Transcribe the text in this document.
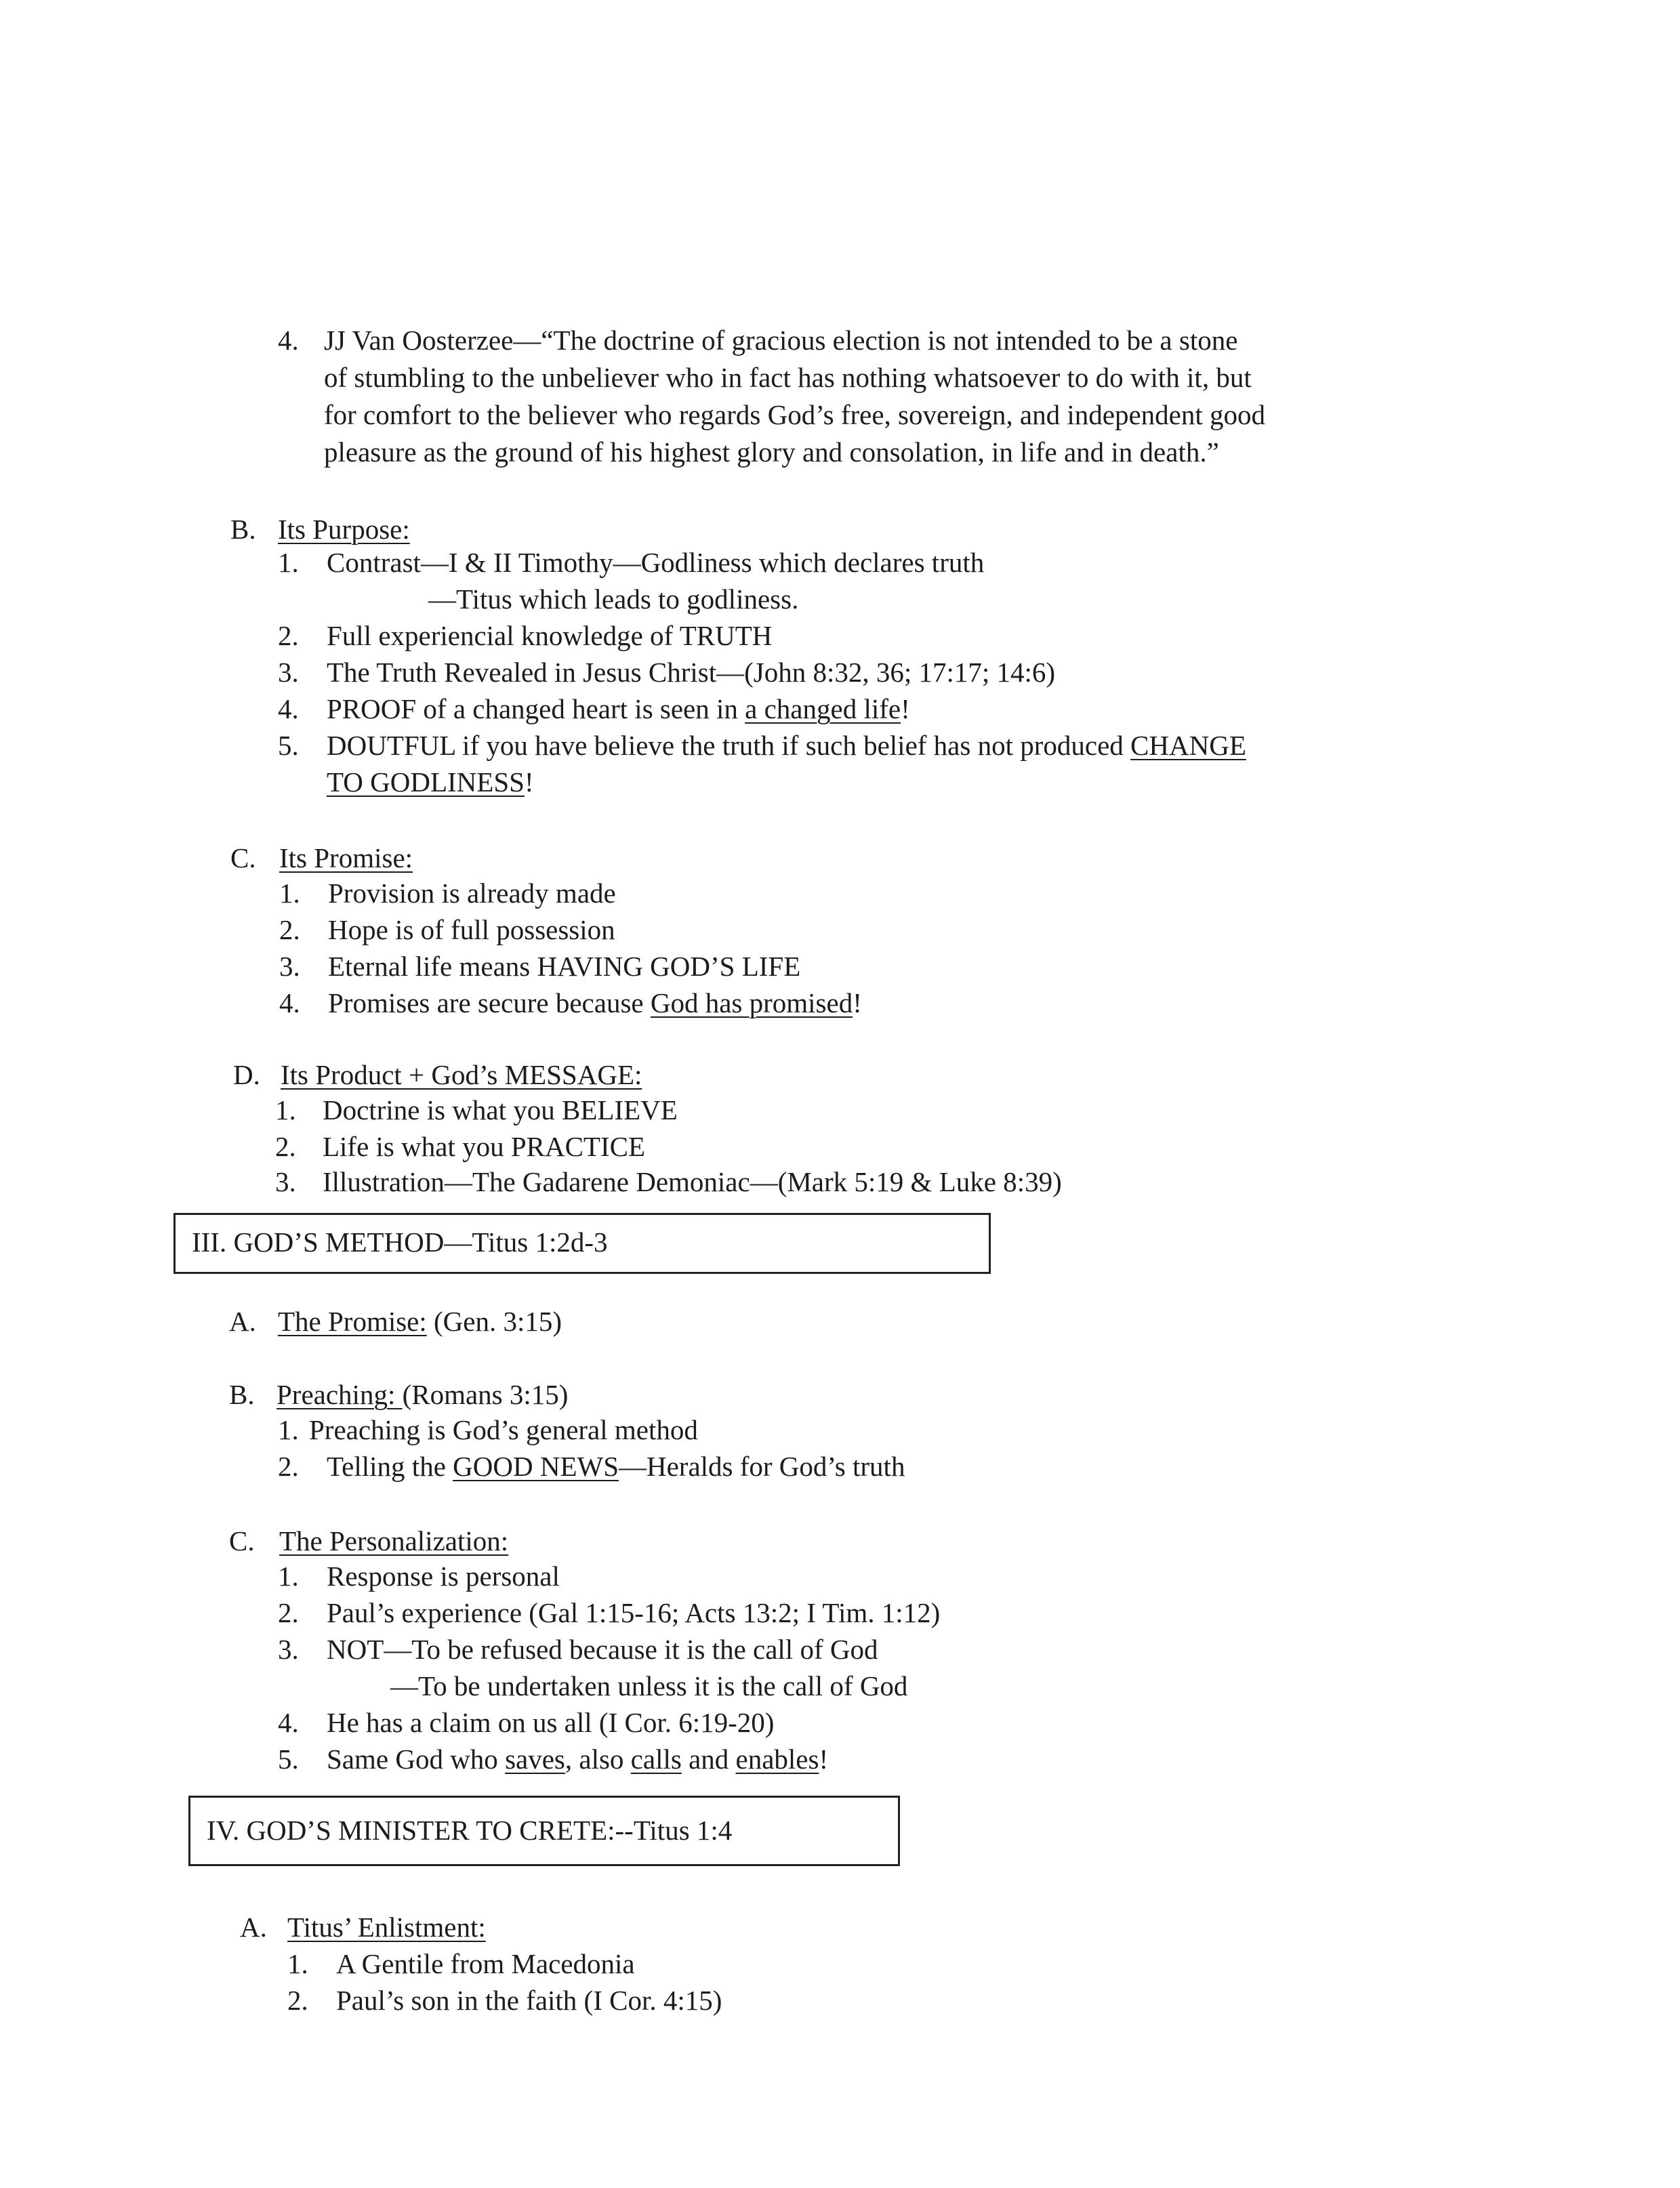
4. JJ Van Oosterzee—“The doctrine of gracious election is not intended to be a stone
of stumbling to the unbeliever who in fact has nothing whatsoever to do with it, but
for comfort to the believer who regards God’s free, sovereign, and independent good
pleasure as the ground of his highest glory and consolation, in life and in death.”
B. Its Purpose:
1. Contrast—I & II Timothy—Godliness which declares truth
—Titus which leads to godliness.
2. Full experiencial knowledge of TRUTH
3. The Truth Revealed in Jesus Christ—(John 8:32, 36; 17:17; 14:6)
4. PROOF of a changed heart is seen in a changed life!
5. DOUTFUL if you have believe the truth if such belief has not produced CHANGE
TO GODLINESS!
C. Its Promise:
1. Provision is already made
2. Hope is of full possession
3. Eternal life means HAVING GOD’S LIFE
4. Promises are secure because God has promised!
D. Its Product + God’s MESSAGE:
1. Doctrine is what you BELIEVE
2. Life is what you PRACTICE
3. Illustration—The Gadarene Demoniac—(Mark 5:19 & Luke 8:39)
III. GOD’S METHOD—Titus 1:2d-3
A. The Promise: (Gen. 3:15)
B. Preaching: (Romans 3:15)
1. Preaching is God’s general method
2. Telling the GOOD NEWS—Heralds for God’s truth
C. The Personalization:
1. Response is personal
2. Paul’s experience (Gal 1:15-16; Acts 13:2; I Tim. 1:12)
3. NOT—To be refused because it is the call of God
—To be undertaken unless it is the call of God
4. He has a claim on us all (I Cor. 6:19-20)
5. Same God who saves, also calls and enables!
IV. GOD’S MINISTER TO CRETE:--Titus 1:4
A. Titus’ Enlistment:
1. A Gentile from Macedonia
2. Paul’s son in the faith (I Cor. 4:15)
